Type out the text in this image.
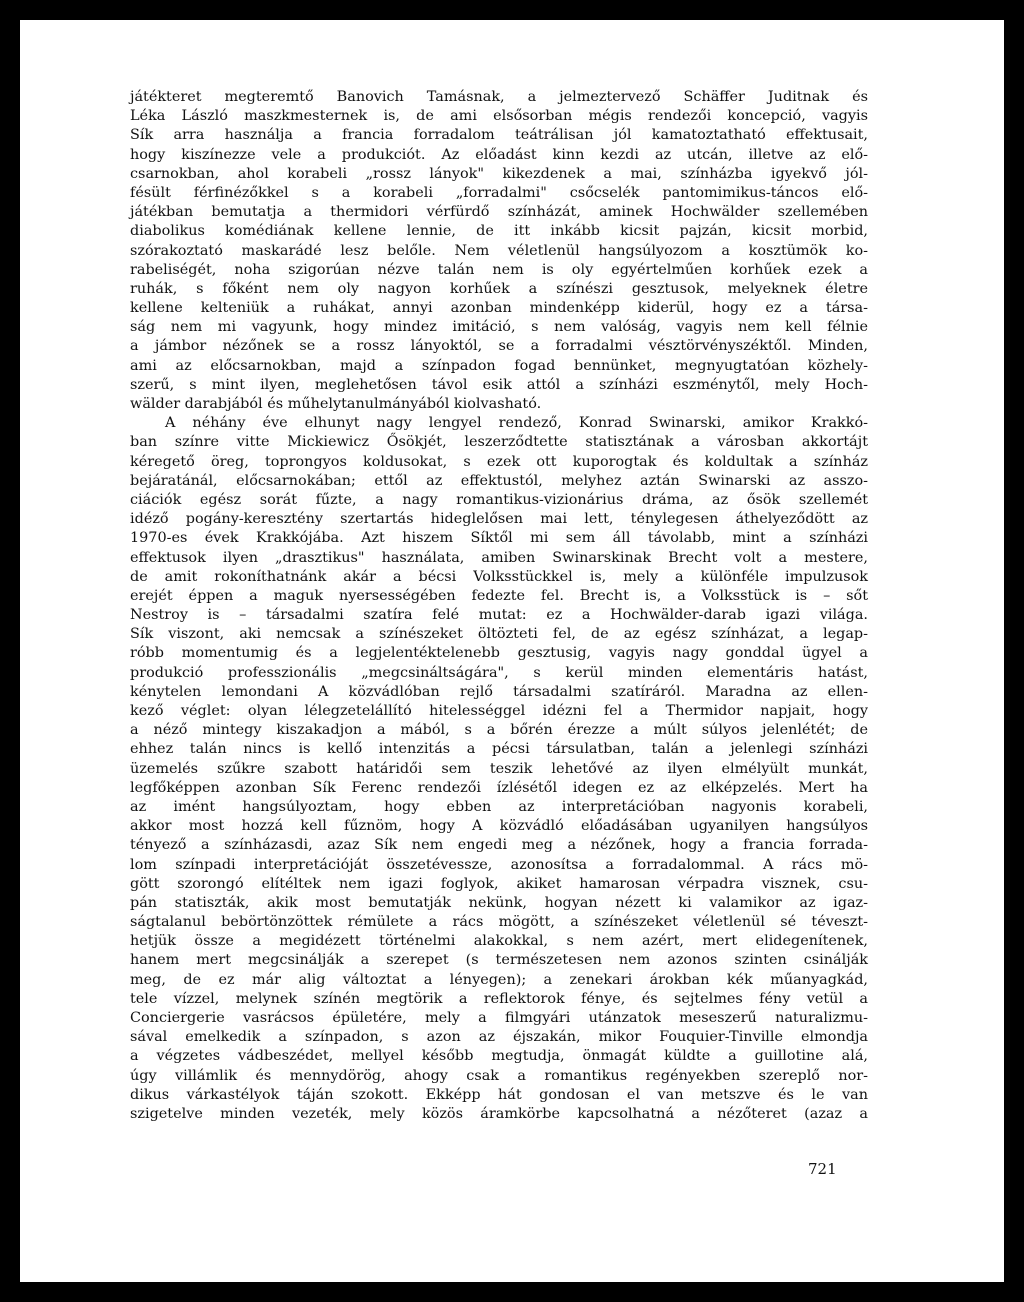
játékteret megteremtő Banovich Tamásnak, a jelmeztervező Schäffer Juditnak és
Léka László maszkmesternek is, de ami elsősorban mégis rendezői koncepció, vagyis
Sík arra használja a francia forradalom teátrálisan jól kamatoztatható effektusait,
hogy kiszínezze vele a produkciót. Az előadást kinn kezdi az utcán, illetve az elő-
csarnokban, ahol korabeli „rossz lányok" kikezdenek a mai, színházba igyekvő jól-
fésült férfinézőkkel s a korabeli „forradalmi" csőcselék pantomimikus-táncos elő-
játékban bemutatja a thermidori vérfürdő színházát, aminek Hochwälder szellemében
diabolikus komédiának kellene lennie, de itt inkább kicsit pajzán, kicsit morbid,
szórakoztató maskarádé lesz belőle. Nem véletlenül hangsúlyozom a kosztümök ko-
rabeliségét, noha szigorúan nézve talán nem is oly egyértelműen korhűek ezek a
ruhák, s főként nem oly nagyon korhűek a színészi gesztusok, melyeknek életre
kellene kelteniük a ruhákat, annyi azonban mindenképp kiderül, hogy ez a társa-
ság nem mi vagyunk, hogy mindez imitáció, s nem valóság, vagyis nem kell félnie
a jámbor nézőnek se a rossz lányoktól, se a forradalmi vésztörvényszéktől. Minden,
ami az előcsarnokban, majd a színpadon fogad bennünket, megnyugtatóan közhely-
szerű, s mint ilyen, meglehetősen távol esik attól a színházi eszménytől, mely Hoch-
wälder darabjából és műhelytanulmányából kiolvasható.
A néhány éve elhunyt nagy lengyel rendező, Konrad Swinarski, amikor Krakkó-
ban színre vitte Mickiewicz Ősökjét, leszerződtette statisztának a városban akkortájt
kéregető öreg, toprongyos koldusokat, s ezek ott kuporogtak és koldultak a színház
bejáratánál, előcsarnokában; ettől az effektustól, melyhez aztán Swinarski az asszo-
ciációk egész sorát fűzte, a nagy romantikus-vizionárius dráma, az ősök szellemét
idéző pogány-keresztény szertartás hideglelősen mai lett, ténylegesen áthelyeződött az
1970-es évek Krakkójába. Azt hiszem Síktől mi sem áll távolabb, mint a színházi
effektusok ilyen „drasztikus" használata, amiben Swinarskinak Brecht volt a mestere,
de amit rokoníthatnánk akár a bécsi Volksstückkel is, mely a különféle impulzusok
erejét éppen a maguk nyersességében fedezte fel. Brecht is, a Volksstück is – sőt
Nestroy is – társadalmi szatíra felé mutat: ez a Hochwälder-darab igazi világa.
Sík viszont, aki nemcsak a színészeket öltözteti fel, de az egész színházat, a legap-
róbb momentumig és a legjelentéktelenebb gesztusig, vagyis nagy gonddal ügyel a
produkció professzionális „megcsináltságára", s kerül minden elementáris hatást,
kénytelen lemondani A közvádlóban rejlő társadalmi szatíráról. Maradna az ellen-
kező véglet: olyan lélegzetelállító hitelességgel idézni fel a Thermidor napjait, hogy
a néző mintegy kiszakadjon a mából, s a bőrén érezze a múlt súlyos jelenlétét; de
ehhez talán nincs is kellő intenzitás a pécsi társulatban, talán a jelenlegi színházi
üzemelés szűkre szabott határidői sem teszik lehetővé az ilyen elmélyült munkát,
legfőképpen azonban Sík Ferenc rendezői ízlésétől idegen ez az elképzelés. Mert ha
az imént hangsúlyoztam, hogy ebben az interpretációban nagyonis korabeli,
akkor most hozzá kell fűznöm, hogy A közvádló előadásában ugyanilyen hangsúlyos
tényező a színházasdi, azaz Sík nem engedi meg a nézőnek, hogy a francia forrada-
lom színpadi interpretációját összetévessze, azonosítsa a forradalommal. A rács mö-
gött szorongó elítéltek nem igazi foglyok, akiket hamarosan vérpadra visznek, csu-
pán statiszták, akik most bemutatják nekünk, hogyan nézett ki valamikor az igaz-
ságtalanul bebörtönzöttek rémülete a rács mögött, a színészeket véletlenül sé téveszt-
hetjük össze a megidézett történelmi alakokkal, s nem azért, mert elidegenítenek,
hanem mert megcsinálják a szerepet (s természetesen nem azonos szinten csinálják
meg, de ez már alig változtat a lényegen); a zenekari árokban kék műanyagkád,
tele vízzel, melynek színén megtörik a reflektorok fénye, és sejtelmes fény vetül a
Conciergerie vasrácsos épületére, mely a filmgyári utánzatok meseszerű naturalizmu-
sával emelkedik a színpadon, s azon az éjszakán, mikor Fouquier-Tinville elmondja
a végzetes vádbeszédet, mellyel később megtudja, önmagát küldte a guillotine alá,
úgy villámlik és mennydörög, ahogy csak a romantikus regényekben szereplő nor-
dikus várkastélyok táján szokott. Ekképp hát gondosan el van metszve és le van
szigetelve minden vezeték, mely közös áramkörbe kapcsolhatná a nézőteret (azaz a
721
